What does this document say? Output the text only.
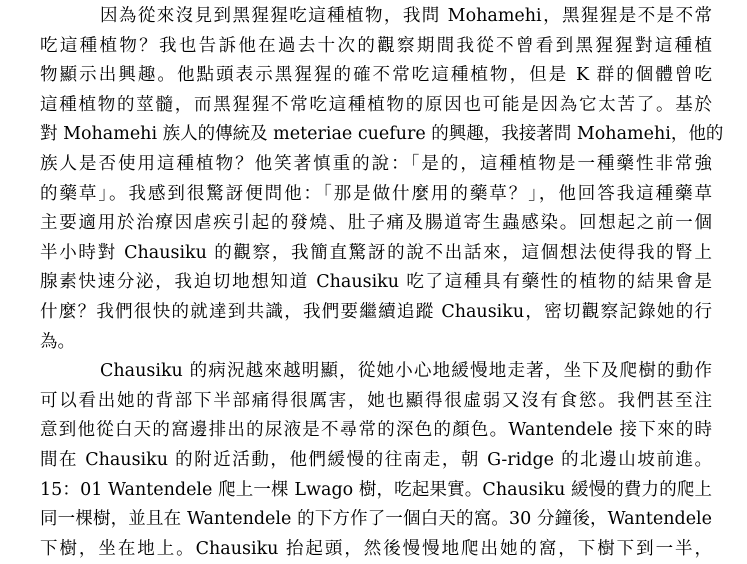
因為從來沒見到黑猩猩吃這種植物，我問 Mohamehi，黑猩猩是不是不常
吃這種植物？我也告訴他在過去十次的觀察期間我從不曾看到黑猩猩對這種植
物顯示出興趣。他點頭表示黑猩猩的確不常吃這種植物，但是 K 群的個體曾吃
這種植物的莖髓，而黑猩猩不常吃這種植物的原因也可能是因為它太苦了。基於
對 Mohamehi 族人的傳統及 meteriae cuefure 的興趣，我接著問 Mohamehi，他的
族人是否使用這種植物？他笑著慎重的說：「是的，這種植物是一種藥性非常強
的藥草」。我感到很驚訝便問他：「那是做什麼用的藥草？」，他回答我這種藥草
主要適用於治療因虐疾引起的發燒、肚子痛及腸道寄生蟲感染。回想起之前一個
半小時對 Chausiku 的觀察，我簡直驚訝的說不出話來，這個想法使得我的腎上
腺素快速分泌，我迫切地想知道 Chausiku 吃了這種具有藥性的植物的結果會是
什麼？我們很快的就達到共識，我們要繼續追蹤 Chausiku，密切觀察記錄她的行
為。
Chausiku 的病況越來越明顯，從她小心地緩慢地走著，坐下及爬樹的動作
可以看出她的背部下半部痛得很厲害，她也顯得很虛弱又沒有食慾。我們甚至注
意到他從白天的窩邊排出的尿液是不尋常的深色的顏色。Wantendele 接下來的時
間在 Chausiku 的附近活動，他們緩慢的往南走，朝 G-ridge 的北邊山坡前進。
15：01 Wantendele 爬上一棵 Lwago 樹，吃起果實。Chausiku 緩慢的費力的爬上
同一棵樹，並且在 Wantendele 的下方作了一個白天的窩。30 分鐘後，Wantendele
下樹，坐在地上。Chausiku 抬起頭，然後慢慢地爬出她的窩，下樹下到一半，
